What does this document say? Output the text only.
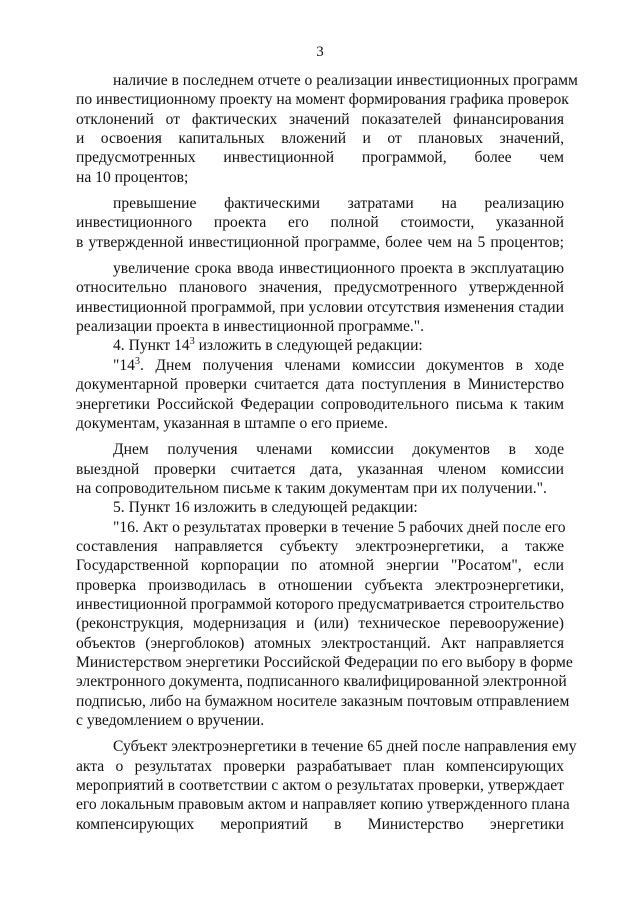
3
наличие в последнем отчете о реализации инвестиционных программ
по инвестиционному проекту на момент формирования графика проверок
отклонений от фактических значений показателей финансирования
и освоения капитальных вложений и от плановых значений,
предусмотренных инвестиционной программой, более чем
на 10 процентов;
превышение фактическими затратами на реализацию
инвестиционного проекта его полной стоимости, указанной
в утвержденной инвестиционной программе, более чем на 5 процентов;
увеличение срока ввода инвестиционного проекта в эксплуатацию
относительно планового значения, предусмотренного утвержденной
инвестиционной программой, при условии отсутствия изменения стадии
реализации проекта в инвестиционной программе.".
4. Пункт $14^3$ изложить в следующей редакции:
"$14^3$. Днем получения членами комиссии документов в ходе
документарной проверки считается дата поступления в Министерство
энергетики Российской Федерации сопроводительного письма к таким
документам, указанная в штампе о его приеме.
Днем получения членами комиссии документов в ходе
выездной проверки считается дата, указанная членом комиссии
на сопроводительном письме к таким документам при их получении.".
5. Пункт 16 изложить в следующей редакции:
"16. Акт о результатах проверки в течение 5 рабочих дней после его
составления направляется субъекту электроэнергетики, а также
Государственной корпорации по атомной энергии "Росатом", если
проверка производилась в отношении субъекта электроэнергетики,
инвестиционной программой которого предусматривается строительство
(реконструкция, модернизация и (или) техническое перевооружение)
объектов (энергоблоков) атомных электростанций. Акт направляется
Министерством энергетики Российской Федерации по его выбору в форме
электронного документа, подписанного квалифицированной электронной
подписью, либо на бумажном носителе заказным почтовым отправлением
с уведомлением о вручении.
Субъект электроэнергетики в течение 65 дней после направления ему
акта о результатах проверки разрабатывает план компенсирующих
мероприятий в соответствии с актом о результатах проверки, утверждает
его локальным правовым актом и направляет копию утвержденного плана
компенсирующих мероприятий в Министерство энергетики
